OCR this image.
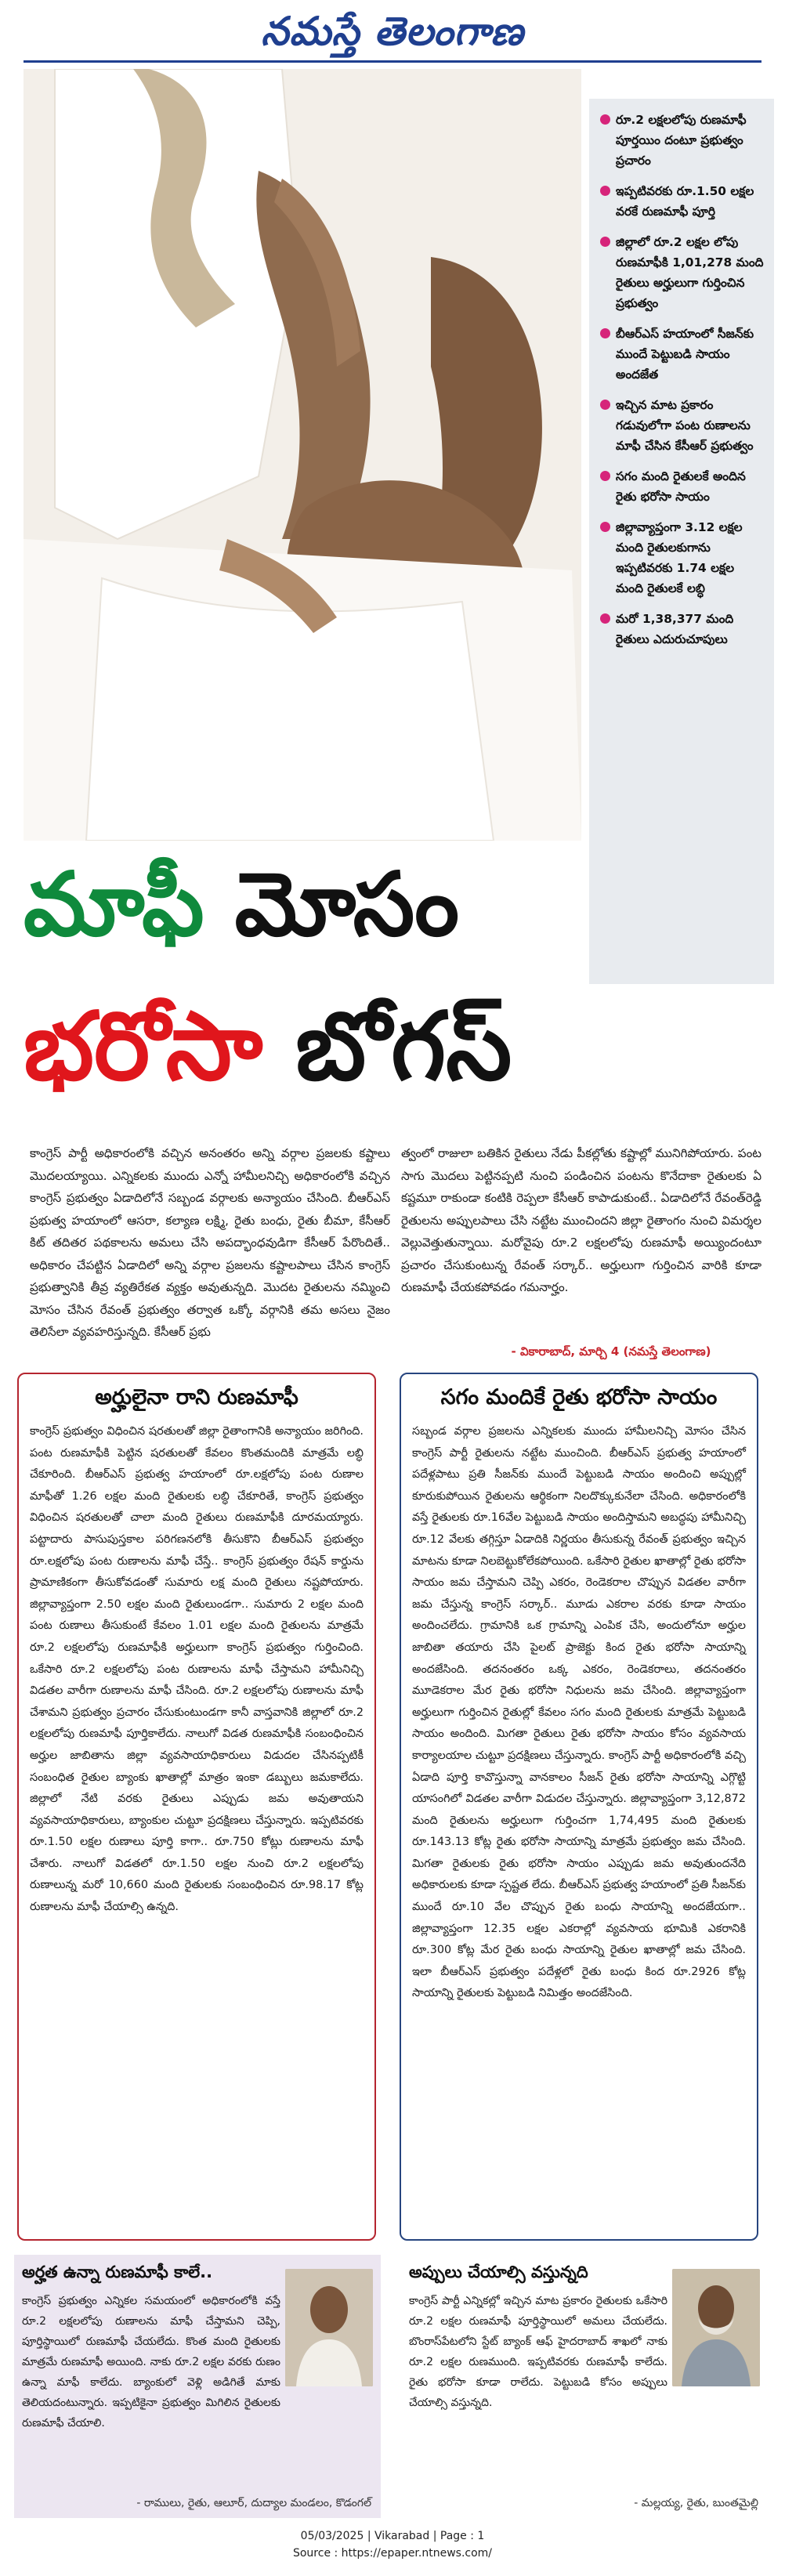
నమస్తే తెలంగాణ
రూ.2 లక్షలలోపు రుణమాఫీ పూర్తయిం దంటూ ప్రభుత్వం ప్రచారం
ఇప్పటివరకు రూ.1.50 లక్షల వరకే రుణమాఫీ పూర్తి
జిల్లాలో రూ.2 లక్షల లోపు రుణమాఫీకి 1,01,278 మంది రైతులు అర్హులుగా గుర్తించిన ప్రభుత్వం
బీఆర్ఎస్ హయాంలో సీజన్‌కు ముందే పెట్టుబడి సాయం అందజేత
ఇచ్చిన మాట ప్రకారం గడువులోగా పంట రుణాలను మాఫీ చేసిన కేసీఆర్ ప్రభుత్వం
సగం మంది రైతులకే అందిన రైతు భరోసా సాయం
జిల్లావ్యాప్తంగా 3.12 లక్షల మంది రైతులకుగాను ఇప్పటివరకు 1.74 లక్షల మంది రైతులకే లబ్ధి
మరో 1,38,377 మంది రైతులు ఎదురుచూపులు
మాఫీ మోసం
భరోసా బోగస్

కాంగ్రెస్ పార్టీ అధికారంలోకి వచ్చిన అనంతరం అన్ని వర్గాల ప్రజలకు కష్టాలు మొదలయ్యాయి. ఎన్నికలకు ముందు ఎన్నో హామీలనిచ్చి అధికారంలోకి వచ్చిన కాంగ్రెస్ ప్రభుత్వం ఏడాదిలోనే సబ్బండ వర్గాలకు అన్యాయం చేసింది. బీఆర్ఎస్ ప్రభుత్వ హయాంలో ఆసరా, కల్యాణ లక్ష్మి, రైతు బంధు, రైతు బీమా, కేసీఆర్ కిట్ తదితర పథకాలను అమలు చేసి అపద్భాంధవుడిగా కేసీఆర్ పేరొందితే.. అధికారం చేపట్టిన ఏడాదిలో అన్ని వర్గాల ప్రజలను కష్టాలపాలు చేసిన కాంగ్రెస్ ప్రభుత్వానికి తీవ్ర వ్యతిరేకత వ్యక్తం అవుతున్నది. మొదట రైతులను నమ్మించి మోసం చేసిన రేవంత్ ప్రభుత్వం తర్వాత ఒక్కో వర్గానికి తమ అసలు నైజం తెలిసేలా వ్యవహరిస్తున్నది. కేసీఆర్ ప్రభు

త్వంలో రాజులా బతికిన రైతులు నేడు పీకల్లోతు కష్టాల్లో మునిగిపోయారు. పంట సాగు మొదలు పెట్టినప్పటి నుంచి పండించిన పంటను కొనేదాకా రైతులకు ఏ కష్టమూ రాకుండా కంటికి రెప్పలా కేసీఆర్ కాపాడుకుంటే.. ఏడాదిలోనే రేవంత్‌రెడ్డి రైతులను అప్పులపాలు చేసి నట్టేట ముంచిందని జిల్లా రైతాంగం నుంచి విమర్శల వెల్లువెత్తుతున్నాయి. మరోవైపు రూ.2 లక్షలలోపు రుణమాఫీ అయ్యిందంటూ ప్రచారం చేసుకుంటున్న రేవంత్ సర్కార్.. అర్హులుగా గుర్తించిన వారికి కూడా రుణమాఫీ చేయకపోవడం గమనార్హం.

- వికారాబాద్, మార్చి 4 (నమస్తే తెలంగాణ)
అర్హులైనా రాని రుణమాఫీ

కాంగ్రెస్ ప్రభుత్వం విధించిన షరతులతో జిల్లా రైతాంగానికి అన్యాయం జరిగింది. పంట రుణమాఫీకి పెట్టిన షరతులతో కేవలం కొంతమందికి మాత్రమే లబ్ధి చేకూరింది. బీఆర్ఎస్ ప్రభుత్వ హయాంలో రూ.లక్షలోపు పంట రుణాల మాఫీతో 1.26 లక్షల మంది రైతులకు లబ్ధి చేకూరితే, కాంగ్రెస్ ప్రభుత్వం విధించిన షరతులతో చాలా మంది రైతులు రుణమాఫీకి దూరమయ్యారు. పట్టాదారు పాసుపుస్తకాల పరిగణనలోకి తీసుకొని బీఆర్ఎస్ ప్రభుత్వం రూ.లక్షలోపు పంట రుణాలను మాఫీ చేస్తే.. కాంగ్రెస్ ప్రభుత్వం రేషన్ కార్డును ప్రామాణికంగా తీసుకోవడంతో సుమారు లక్ష మంది రైతులు నష్టపోయారు. జిల్లావ్యాప్తంగా 2.50 లక్షల మంది రైతులుండగా.. సుమారు 2 లక్షల మంది పంట రుణాలు తీసుకుంటే కేవలం 1.01 లక్షల మంది రైతులను మాత్రమే రూ.2 లక్షలలోపు రుణమాఫీకి అర్హులుగా కాంగ్రెస్ ప్రభుత్వం గుర్తించింది. ఒకేసారి రూ.2 లక్షలలోపు పంట రుణాలను మాఫీ చేస్తామని హామీనిచ్చి విడతల వారీగా రుణాలను మాఫీ చేసింది. రూ.2 లక్షలలోపు రుణాలను మాఫీ చేశామని ప్రభుత్వం ప్రచారం చేసుకుంటుండగా కానీ వాస్తవానికి జిల్లాలో రూ.2 లక్షలలోపు రుణమాఫీ పూర్తికాలేదు. నాలుగో విడత రుణమాఫీకి సంబంధించిన అర్హుల జాబితాను జిల్లా వ్యవసాయాధికారులు విడుదల చేసినప్పటికీ సంబంధిత రైతుల బ్యాంకు ఖాతాల్లో మాత్రం ఇంకా డబ్బులు జమకాలేదు. జిల్లాలో నేటి వరకు రైతులు ఎప్పుడు జమ అవుతాయని వ్యవసాయాధికారులు, బ్యాంకుల చుట్టూ ప్రదక్షిణలు చేస్తున్నారు. ఇప్పటివరకు రూ.1.50 లక్షల రుణాలు పూర్తి కాగా.. రూ.750 కోట్లు రుణాలను మాఫీ చేశారు. నాలుగో విడతలో రూ.1.50 లక్షల నుంచి రూ.2 లక్షలలోపు రుణాలున్న మరో 10,660 మంది రైతులకు సంబంధించిన రూ.98.17 కోట్ల రుణాలను మాఫీ చేయాల్సి ఉన్నది.

సగం మందికే రైతు భరోసా సాయం

సబ్బండ వర్గాల ప్రజలను ఎన్నికలకు ముందు హామీలనిచ్చి మోసం చేసిన కాంగ్రెస్ పార్టీ రైతులను నట్టేట ముంచింది. బీఆర్ఎస్ ప్రభుత్వ హయాంలో పదేళ్లపాటు ప్రతి సీజన్‌కు ముందే పెట్టుబడి సాయం అందించి అప్పుల్లో కూరుకుపోయిన రైతులను ఆర్థికంగా నిలదొక్కుకునేలా చేసింది. అధికారంలోకి వస్తే రైతులకు రూ.16వేల పెట్టుబడి సాయం అందిస్తామని అబద్ధపు హామీనిచ్చి రూ.12 వేలకు తగ్గిస్తూ ఏడాదికి నిర్ణయం తీసుకున్న రేవంత్ ప్రభుత్వం ఇచ్చిన మాటను కూడా నిలబెట్టుకోలేకపోయింది. ఒకేసారి రైతుల ఖాతాల్లో రైతు భరోసా సాయం జమ చేస్తామని చెప్పి ఎకరం, రెండెకరాల చొప్పున విడతల వారీగా జమ చేస్తున్న కాంగ్రెస్ సర్కార్.. మూడు ఎకరాల వరకు కూడా సాయం అందించలేదు. గ్రామానికి ఒక గ్రామాన్ని ఎంపిక చేసి, అందులోనూ అర్హుల జాబితా తయారు చేసి పైలట్ ప్రాజెక్టు కింద రైతు భరోసా సాయాన్ని అందజేసింది. తదనంతరం ఒక్క ఎకరం, రెండెకరాలు, తదనంతరం మూడెకరాల మేర రైతు భరోసా నిధులను జమ చేసింది. జిల్లావ్యాప్తంగా అర్హులుగా గుర్తించిన రైతుల్లో కేవలం సగం మంది రైతులకు మాత్రమే పెట్టుబడి సాయం అందింది. మిగతా రైతులు రైతు భరోసా సాయం కోసం వ్యవసాయ కార్యాలయాల చుట్టూ ప్రదక్షిణలు చేస్తున్నారు. కాంగ్రెస్ పార్టీ అధికారంలోకి వచ్చి ఏడాది పూర్తి కావొస్తున్నా వానకాలం సీజన్ రైతు భరోసా సాయాన్ని ఎగ్గొట్టి యాసంగిలో విడతల వారీగా విడుదల చేస్తున్నారు. జిల్లావ్యాప్తంగా 3,12,872 మంది రైతులను అర్హులుగా గుర్తించగా 1,74,495 మంది రైతులకు రూ.143.13 కోట్ల రైతు భరోసా సాయాన్ని మాత్రమే ప్రభుత్వం జమ చేసింది. మిగతా రైతులకు రైతు భరోసా సాయం ఎప్పుడు జమ అవుతుందనేది అధికారులకు కూడా స్పష్టత లేదు. బీఆర్ఎస్ ప్రభుత్వ హయాంలో ప్రతి సీజన్‌కు ముందే రూ.10 వేల చొప్పున రైతు బంధు సాయాన్ని అందజేయగా.. జిల్లావ్యాప్తంగా 12.35 లక్షల ఎకరాల్లో వ్యవసాయ భూమికి ఎకరానికి రూ.300 కోట్ల మేర రైతు బంధు సాయాన్ని రైతుల ఖాతాల్లో జమ చేసింది. ఇలా బీఆర్ఎస్ ప్రభుత్వం పదేళ్లలో రైతు బంధు కింద రూ.2926 కోట్ల సాయాన్ని రైతులకు పెట్టుబడి నిమిత్తం అందజేసింది.

అర్హత ఉన్నా రుణమాఫీ కాలే..

కాంగ్రెస్ ప్రభుత్వం ఎన్నికల సమయంలో అధికారంలోకి వస్తే రూ.2 లక్షలలోపు రుణాలను మాఫీ చేస్తామని చెప్పి, పూర్తిస్థాయిలో రుణమాఫీ చేయలేదు. కొంత మంది రైతులకు మాత్రమే రుణమాఫీ అయింది. నాకు రూ.2 లక్షల వరకు రుణం ఉన్నా మాఫీ కాలేదు. బ్యాంకులో వెళ్లి అడిగితే మాకు తెలియదంటున్నారు. ఇప్పటికైనా ప్రభుత్వం మిగిలిన రైతులకు రుణమాఫీ చేయాలి.

- రాములు, రైతు, ఆలూర్, దుద్యాల మండలం, కొడంగల్
అప్పులు చేయాల్సి వస్తున్నది

కాంగ్రెస్ పార్టీ ఎన్నికల్లో ఇచ్చిన మాట ప్రకారం రైతులకు ఒకేసారి రూ.2 లక్షల రుణమాఫీ పూర్తిస్థాయిలో అమలు చేయలేదు. బొంరాస్‌పేటలోని స్టేట్ బ్యాంక్ ఆఫ్ హైదరాబాద్ శాఖలో నాకు రూ.2 లక్షల రుణముంది. ఇప్పటివరకు రుణమాఫీ కాలేదు. రైతు భరోసా కూడా రాలేదు. పెట్టుబడి కోసం అప్పులు చేయాల్సి వస్తున్నది.

- మల్లయ్య, రైతు, బుంతమైల్లి
05/03/2025 | Vikarabad | Page : 1
Source : https://epaper.ntnews.com/
